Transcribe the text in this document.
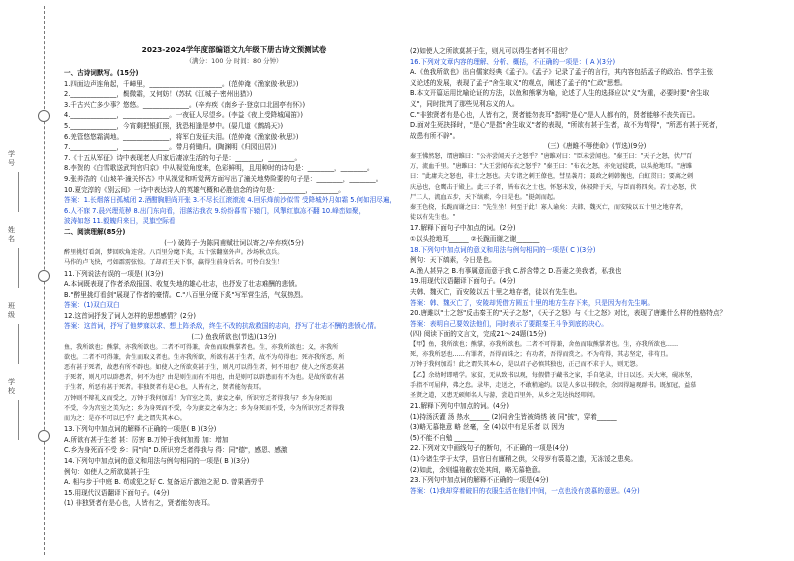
学号
姓名
班级
学校
2023-2024学年度部编语文九年级下册古诗文预测试卷
（满分：100 分 时间：80 分钟）
一、古诗词默写。(15分)
1.四面边声连角起，千嶂里，______________________。(范仲淹《渔家傲·秋思》)
2.______________，鬓微霜，又何妨！(苏轼《江城子·密州出猎》)
3.千古兴亡多少事？悠悠。______________。(辛弃疾《南乡子·登京口北固亭有怀》)
4.______________，______________。一夜征人尽望乡。(李益《夜上受降城闻笛》)
5.______________，今宵剩把银釭照，犹恐相逢是梦中。(晏几道《鹧鸪天》)
6.羌管悠悠霜满地。______________，将军白发征夫泪。(范仲淹《渔家傲·秋思》)
7.______________，______________。带月荷锄归。(陶渊明《归园田居》)
7.《十五从军征》诗中表现老人归家后凄凉生活的句子是：________，________。
8.李贺的《白雪歌送武判官归京》中从视觉角度来，色彩鲜明，且用种时的诗句是：________，________。
9.张养浩的《山坡羊·潼关怀古》中从视觉和听觉两方面写出了潼关地势险要的句子是：________，________。
10.夏完淳的《别云间》一诗中表达诗人的英雄气概和必胜信念的诗句是：________，________。
答案：1.长烟落日孤城闭 2.酒酣胸胆尚开张 3.不尽长江滚滚流 4.回乐烽前沙似雪 受降城外月如霜 5.何如泪尽遍，
6.人不寐 7.晨兴理荒秽 8.出门东向看，泪落沾我衣 9.纷纷暮雪下辕门，风掣红旗冻不翻 10.峰峦如聚，
波涛如怒 11.毅魄归来日，灵旗空际看
二、阅读理解(85分)
(一) 破阵子·为陈同甫赋壮词以寄之/辛弃疾(5分)
醉里挑灯看剑，梦回吹角连营。八百里分麾下炙，五十弦翻塞外声。沙场秋点兵。
马作的卢飞快，弓如霹雳弦惊。了却君王天下事，赢得生前身后名。可怜白发生！
11.下列说法有误的一项是( )(3分)
A.本词既表现了作者杀敌报国、收复失地的雄心壮志，也抒发了壮志难酬的悲愤。
B."醉里挑灯看剑"展现了作者的豪情。C."八百里分麾下炙"写军营生活，气氛热烈。
答案：(1)双白双白
12.这首词抒发了词人怎样的思想感情？(2分)
答案：这首词，抒写了他梦寐以求、想上阵杀敌，终生不改的抗敌救国的志向，抒写了壮志不酬的悲愤心情。
(二) 鱼我所欲也(节选)(13分)
鱼，我所欲也；熊掌，亦我所欲也。二者不可得兼，舍鱼而取熊掌者也。生，亦我所欲也；义，亦我所
欲也。二者不可得兼，舍生而取义者也。生亦我所欲，所欲有甚于生者，故不为苟得也；死亦我所恶，所
恶有甚于死者，故患有所不辟也。如使人之所欲莫甚于生，则凡可以得生者，何不用也？使人之所恶莫甚
于死者，则凡可以辟患者，何不为也？由是则生而有不用也，由是则可以辟患而有不为也。是故所欲有甚
于生者，所恶有甚于死者。非独贤者有是心也，人皆有之，贤者能勿丧耳。
万钟则不辩礼义而受之，万钟于我何加焉！为宫室之美，妻妾之奉，所识穷乏者得我与？乡为身死而
不受，今为宫室之美为之；乡为身死而不受，今为妻妾之奉为之；乡为身死而不受，今为所识穷乏者得我
而为之：是亦不可以已乎？此之谓失其本心。
13.下列句中加点词的解释不正确的一项是( B )(3分)
A.所欲有甚于生者 甚：厉害 B.万钟于我何加焉 加：增加
C.乡为身死而不受 乡：同"向" D.所识穷乏者得我与 得：同"德"，感恩、感激
14.下列句中加点词的意义和用法与例句相同的一项是( B )(3分)
例句：如使人之所欲莫甚于生
A. 相与步于中庭 B. 苟或犯之好 C. 复备运斤激池之泥 D. 曾果酒劳乎
15.用现代汉语翻译下面句子。(4分)
(1) 非独贤者有是心也，人皆有之，贤者能勿丧耳。
(2)如使人之所欲莫甚于生，则凡可以得生者何不用也？
16.下列对文章内容的理解、分析、概括，不正确的一项是：( A )(3分)
A.《鱼我所欲也》出自儒家经典《孟子》。《孟子》记录了孟子的言行，其内容包括孟子的政治、哲学主张
义论述的发展，表现了孟子"舍生取义"的观点，阐述了孟子的"仁政"思想。
B.本文开篇运用比喻论证的方法，以鱼和熊掌为喻，论述了人生的选择应以"义"为重，必要时要"舍生取
义"，同时批判了那些见利忘义的人。
C."非独贤者有是心也，人皆有之，贤者能勿丧耳"指明"是心"是人人都有的，贤者能够不丧失而已。
D.面对生死抉择时，"是心"是指"舍生取义"者的表现，"所欲有甚于生者，故不为苟得"，"所恶有甚于死者，
故患有所不辟"。
(三)《唐雎不辱使命》(节选)(9分)
秦王怫然怒，谓唐雎曰："公亦尝闻天子之怒乎？"唐雎对曰："臣未尝闻也。"秦王曰："天子之怒，伏尸百
万，流血千里。"唐雎曰："大王尝闻布衣之怒乎？"秦王曰："布衣之怒，亦免冠徒跣，以头抢地耳。"唐雎
曰："此庸夫之怒也，非士之怒也。夫专诸之刺王僚也，彗星袭月；聂政之刺韩傀也，白虹贯日；要离之刺
庆忌也，仓鹰击于殿上。此三子者，皆布衣之士也，怀怒未发，休祲降于天，与臣而将四矣。若士必怒，伏
尸二人，流血五步，天下缟素，今日是也。"挺剑而起。
秦王色挠，长跪而谢之曰："先生坐！何至于此！寡人谕矣：夫韩、魏灭亡，而安陵以五十里之地存者，
徒以有先生也。"
17.解释下面句子中加点的词。(2分)
①以头抢地耳______ ②长跪而谢之谢_______
18.下列句中加点词的意义和用法与例句相同的一项是( C )(3分)
例句：天下缟素，今日是也。
A.渔人甚异之 B.有事属意而意于我 C.辞含带之 D.吾妻之美我者，私我也
19.用现代汉语翻译下面句子。(4分)
夫韩、魏灭亡，而安陵以五十里之地存者，徒以有先生也。
答案：韩、魏灭亡了，安陵却凭借方圆五十里的地方生存下来，只是因为有先生啊。
20.唐雎以"士之怒"反击秦王的"天子之怒"，《天子之怒》与《士之怒》对比，表现了唐雎什么样的性格特点？
答案：表明自己要效法他们，同时表示了要跟秦王斗争到底的决心。
(四) 阅读下面的文言文，完成21～24题(15分)
【甲】鱼，我所欲也；熊掌，亦我所欲也。二者不可得兼，舍鱼而取熊掌者也。生，亦我所欲也……
死，亦我所恶也……有罪者，吾得而诛之；有功者，吾得而赏之。不为苟得，其志坚定，非苟且。
万钟于我何加焉！此之谓失其本心，是以君子必慎其独也，正己而不求于人，则无怨。
【乙】余幼时即嗜学。家贫，无从致书以观，每假借于藏书之家，手自笔录，计日以还。天大寒，砚冰坚，
手指不可屈伸，弗之怠。录毕，走送之，不敢稍逾约。以是人多以书假余，余因得遍观群书。既加冠，益慕
圣贤之道，又患无硕师名人与游，尝趋百里外，从乡之先达执经叩问。
21.解释下列句中加点的词。(4分)
(1)持汤沃灌 汤 热水______ (2)同舍生皆被绮绣 被 同"披"，穿着______
(3)略无慕艳意 略 丝毫，全 (4)以中有足乐者 以 因为
(5)不能不自勉 ______
22.下列对文中画线句子的断句，不正确的一项是(4分)
(1)今诸生学于太学，县官日有廪稍之供，父母岁有裘葛之遗，无冻馁之患矣。
(2)如此，余则缊袍敝衣处其间，略无慕艳意。
23.下列句中加点词的解释不正确的一项是(4分)
答案：(1)我却穿着破旧的衣服生活在他们中间，一点也没有羡慕的意思。(4分)
